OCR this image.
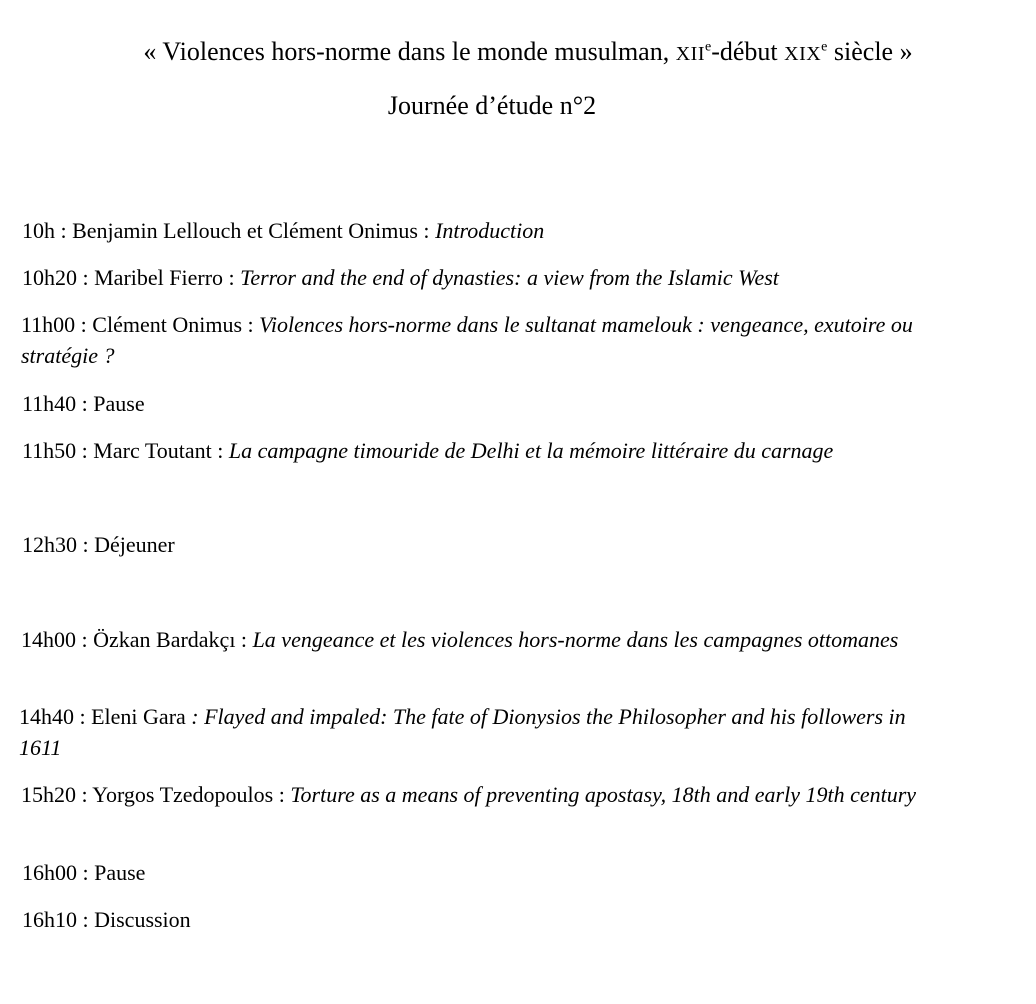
« Violences hors-norme dans le monde musulman, XIIe-début XIXe siècle »
Journée d’étude n°2
10h : Benjamin Lellouch et Clément Onimus : Introduction
10h20 : Maribel Fierro : Terror and the end of dynasties: a view from the Islamic West
11h00 : Clément Onimus : Violences hors-norme dans le sultanat mamelouk : vengeance, exutoire ou stratégie ?
11h40 : Pause
11h50 : Marc Toutant : La campagne timouride de Delhi et la mémoire littéraire du carnage
12h30 : Déjeuner
14h00 : Özkan Bardakçı : La vengeance et les violences hors-norme dans les campagnes ottomanes
14h40 : Eleni Gara : Flayed and impaled: The fate of Dionysios the Philosopher and his followers in 1611
15h20 : Yorgos Tzedopoulos : Torture as a means of preventing apostasy, 18th and early 19th century
16h00 : Pause
16h10 : Discussion
